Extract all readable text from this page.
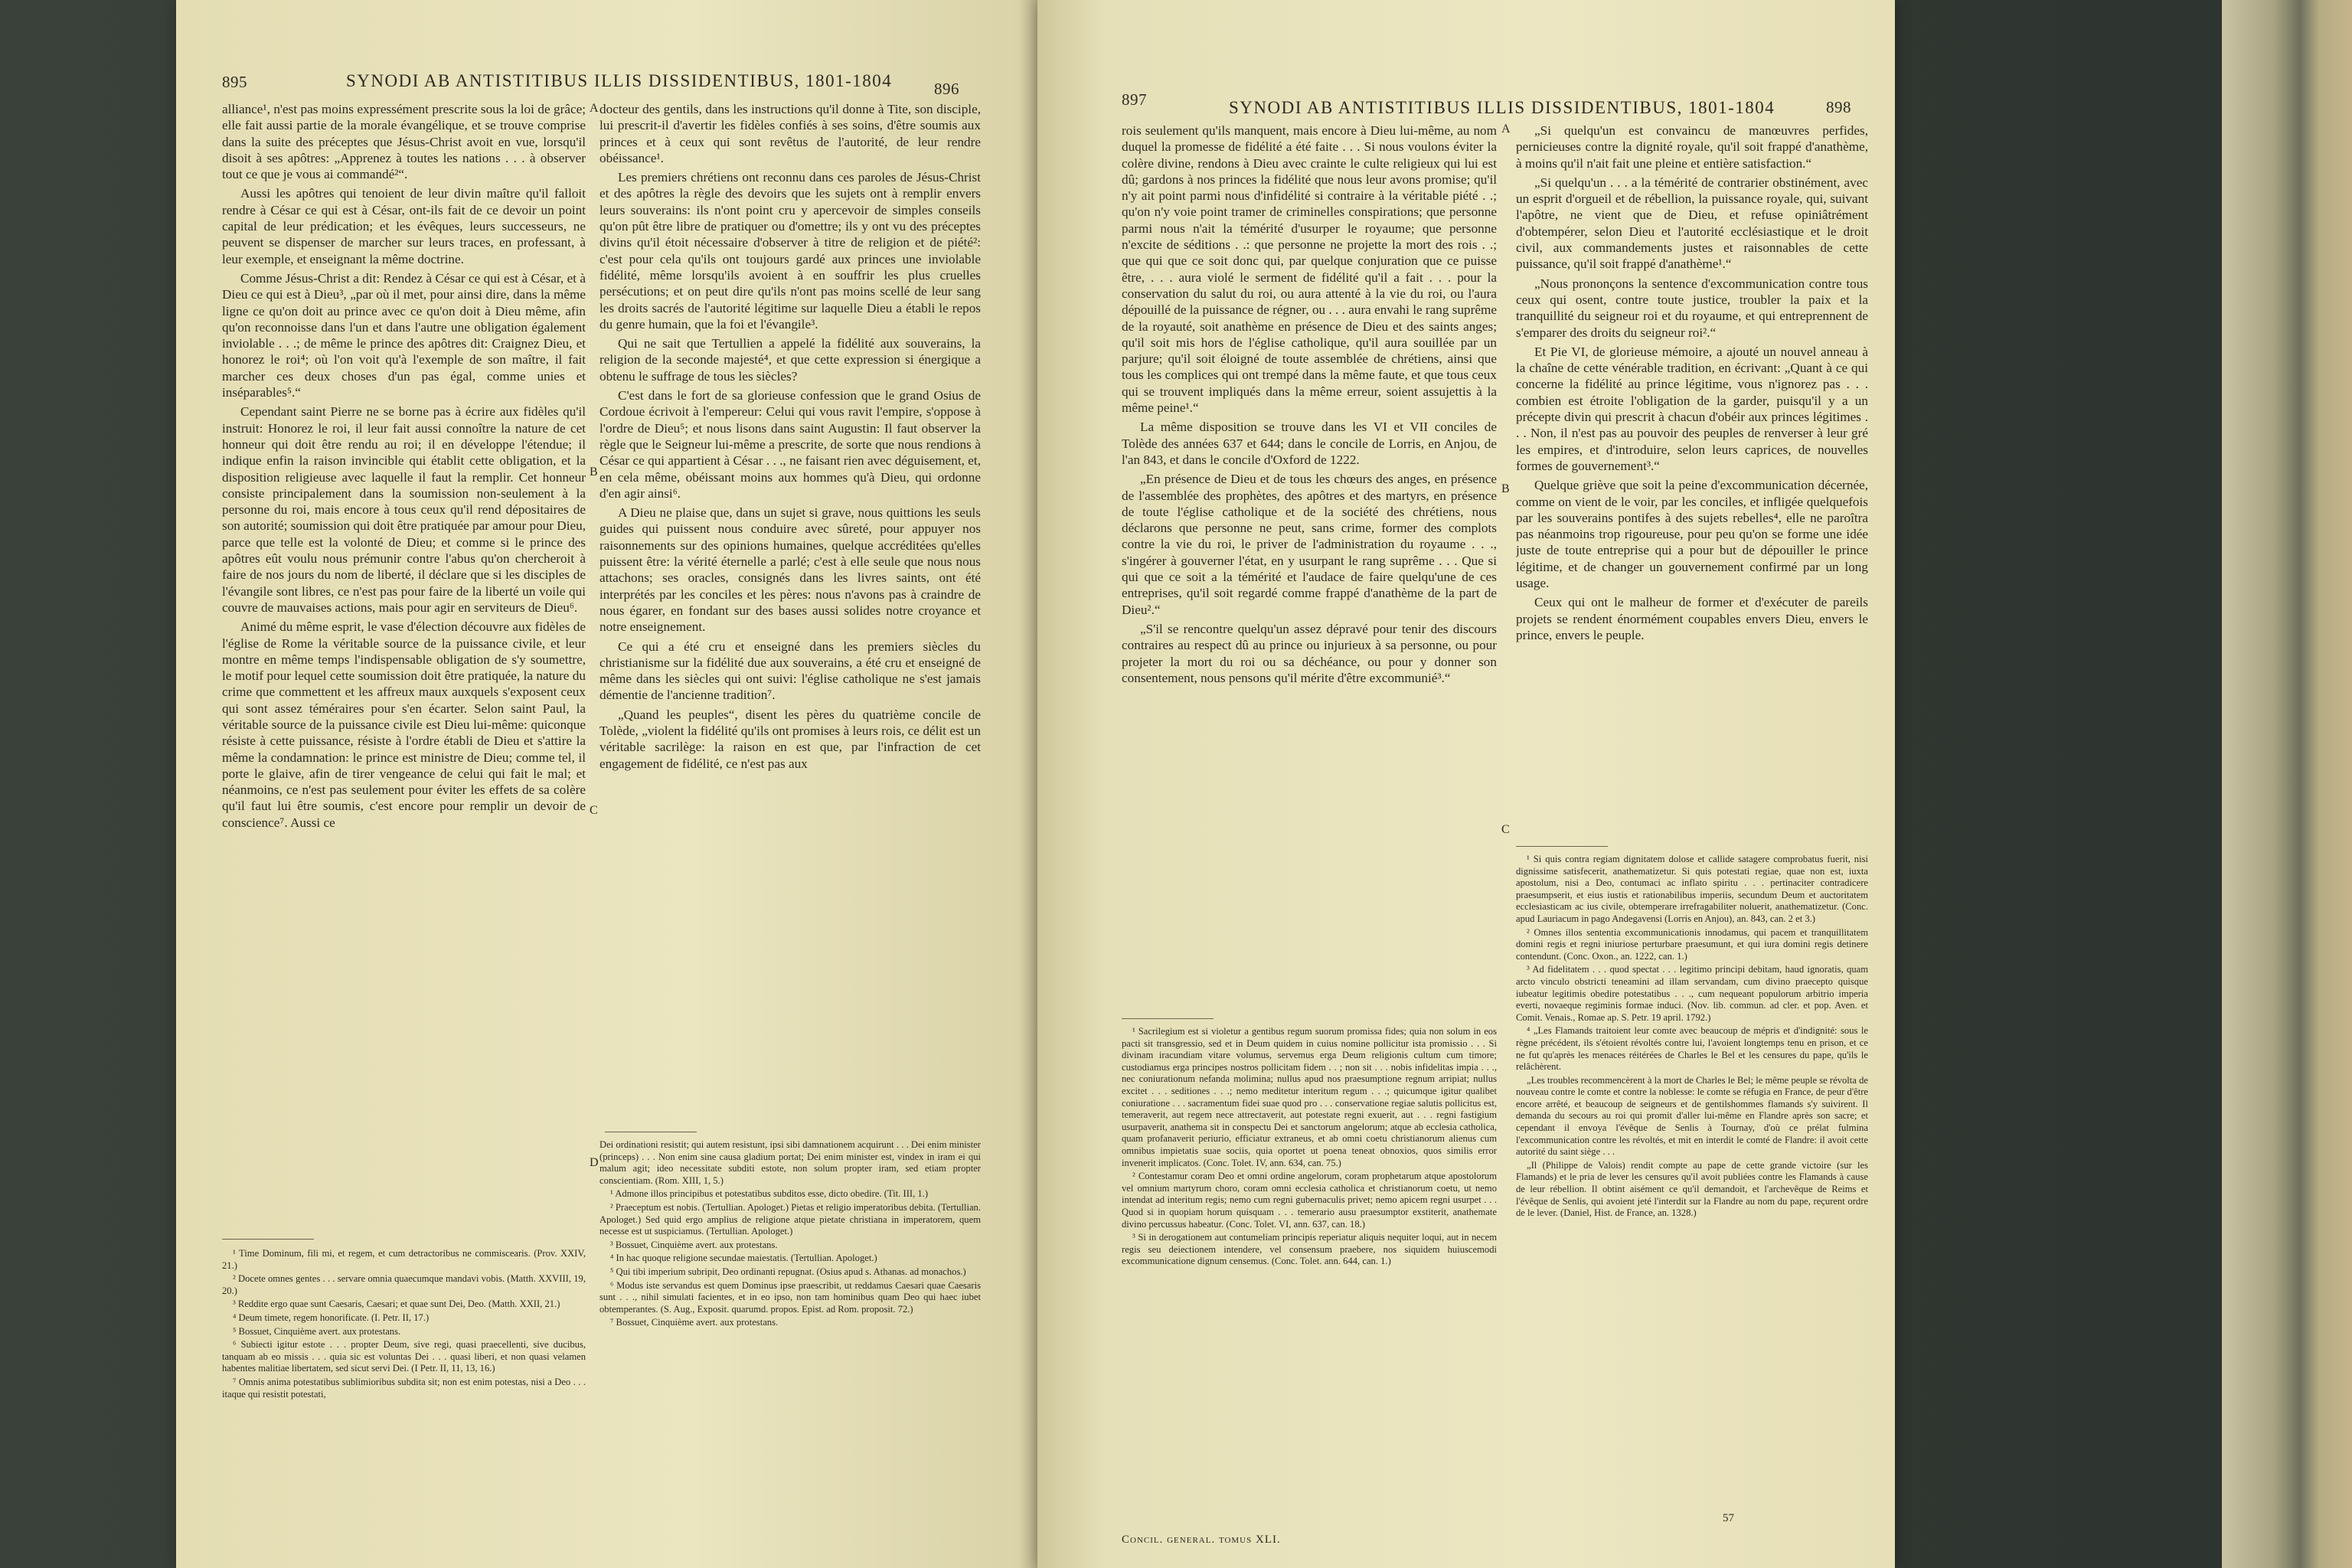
895	SYNODI AB ANTISTITIBUS ILLIS DISSIDENTIBUS, 1801-1804	896

alliance¹, n'est pas moins expressément prescrite sous la loi de grâce; elle fait aussi partie de la morale évangélique, et se trouve comprise dans la suite des préceptes que Jésus-Christ avoit en vue, lorsqu'il disoit à ses apôtres: „Apprenez à toutes les nations . . . à observer tout ce que je vous ai commandé²“.

Aussi les apôtres qui tenoient de leur divin maître qu'il falloit rendre à César ce qui est à César, ont-ils fait de ce devoir un point capital de leur prédication; et les évêques, leurs successeurs, ne peuvent se dispenser de marcher sur leurs traces, en professant, à leur exemple, et enseignant la même doctrine.

Comme Jésus-Christ a dit: Rendez à César ce qui est à César, et à Dieu ce qui est à Dieu³, „par où il met, pour ainsi dire, dans la même ligne ce qu'on doit au prince avec ce qu'on doit à Dieu même, afin qu'on reconnoisse dans l'un et dans l'autre une obligation également inviolable . . .; de même le prince des apôtres dit: Craignez Dieu, et honorez le roi⁴; où l'on voit qu'à l'exemple de son maître, il fait marcher ces deux choses d'un pas égal, comme unies et inséparables⁵.“

Cependant saint Pierre ne se borne pas à écrire aux fidèles qu'il instruit: Honorez le roi, il leur fait aussi connoître la nature de cet honneur qui doit être rendu au roi; il en développe l'étendue; il indique enfin la raison invincible qui établit cette obligation, et la disposition religieuse avec laquelle il faut la remplir. Cet honneur consiste principalement dans la soumission non-seulement à la personne du roi, mais encore à tous ceux qu'il rend dépositaires de son autorité; soumission qui doit être pratiquée par amour pour Dieu, parce que telle est la volonté de Dieu; et comme si le prince des apôtres eût voulu nous prémunir contre l'abus qu'on chercheroit à faire de nos jours du nom de liberté, il déclare que si les disciples de l'évangile sont libres, ce n'est pas pour faire de la liberté un voile qui couvre de mauvaises actions, mais pour agir en serviteurs de Dieu⁶.

Animé du même esprit, le vase d'élection découvre aux fidèles de l'église de Rome la véritable source de la puissance civile, et leur montre en même temps l'indispensable obligation de s'y soumettre, le motif pour lequel cette soumission doit être pratiquée, la nature du crime que commettent et les affreux maux auxquels s'exposent ceux qui sont assez téméraires pour s'en écarter. Selon saint Paul, la véritable source de la puissance civile est Dieu lui-même: quiconque résiste à cette puissance, résiste à l'ordre établi de Dieu et s'attire la même la condamnation: le prince est ministre de Dieu; comme tel, il porte le glaive, afin de tirer vengeance de celui qui fait le mal; et néanmoins, ce n'est pas seulement pour éviter les effets de sa colère qu'il faut lui être soumis, c'est encore pour remplir un devoir de conscience⁷. Aussi ce

docteur des gentils, dans les instructions qu'il donne à Tite, son disciple, lui prescrit-il d'avertir les fidèles confiés à ses soins, d'être soumis aux princes et à ceux qui sont revêtus de l'autorité, de leur rendre obéissance¹.

Les premiers chrétiens ont reconnu dans ces paroles de Jésus-Christ et des apôtres la règle des devoirs que les sujets ont à remplir envers leurs souverains: ils n'ont point cru y apercevoir de simples conseils qu'on pût être libre de pratiquer ou d'omettre; ils y ont vu des préceptes divins qu'il étoit nécessaire d'observer à titre de religion et de piété²: c'est pour cela qu'ils ont toujours gardé aux princes une inviolable fidélité, même lorsqu'ils avoient à en souffrir les plus cruelles persécutions; et on peut dire qu'ils n'ont pas moins scellé de leur sang les droits sacrés de l'autorité légitime sur laquelle Dieu a établi le repos du genre humain, que la foi et l'évangile³.

Qui ne sait que Tertullien a appelé la fidélité aux souverains, la religion de la seconde majesté⁴, et que cette expression si énergique a obtenu le suffrage de tous les siècles?

C'est dans le fort de sa glorieuse confession que le grand Osius de Cordoue écrivoit à l'empereur: Celui qui vous ravit l'empire, s'oppose à l'ordre de Dieu⁵; et nous lisons dans saint Augustin: Il faut observer la règle que le Seigneur lui-même a prescrite, de sorte que nous rendions à César ce qui appartient à César . . ., ne faisant rien avec déguisement, et, en cela même, obéissant moins aux hommes qu'à Dieu, qui ordonne d'en agir ainsi⁶.

A Dieu ne plaise que, dans un sujet si grave, nous quittions les seuls guides qui puissent nous conduire avec sûreté, pour appuyer nos raisonnements sur des opinions humaines, quelque accréditées qu'elles puissent être: la vérité éternelle a parlé; c'est à elle seule que nous nous attachons; ses oracles, consignés dans les livres saints, ont été interprétés par les conciles et les pères: nous n'avons pas à craindre de nous égarer, en fondant sur des bases aussi solides notre croyance et notre enseignement.

Ce qui a été cru et enseigné dans les premiers siècles du christianisme sur la fidélité due aux souverains, a été cru et enseigné de même dans les siècles qui ont suivi: l'église catholique ne s'est jamais démentie de l'ancienne tradition⁷.

„Quand les peuples“, disent les pères du quatrième concile de Tolède, „violent la fidélité qu'ils ont promises à leurs rois, ce délit est un véritable sacrilège: la raison en est que, par l'infraction de cet engagement de fidélité, ce n'est pas aux

A
B
C
D

¹ Time Dominum, fili mi, et regem, et cum detractoribus ne commiscearis. (Prov. XXIV, 21.)

² Docete omnes gentes . . . servare omnia quaecumque mandavi vobis. (Matth. XXVIII, 19, 20.)

³ Reddite ergo quae sunt Caesaris, Caesari; et quae sunt Dei, Deo. (Matth. XXII, 21.)

⁴ Deum timete, regem honorificate. (I. Petr. II, 17.)

⁵ Bossuet, Cinquième avert. aux protestans.

⁶ Subiecti igitur estote . . . propter Deum, sive regi, quasi praecellenti, sive ducibus, tanquam ab eo missis . . . quia sic est voluntas Dei . . . quasi liberi, et non quasi velamen habentes malitiae libertatem, sed sicut servi Dei. (I Petr. II, 11, 13, 16.)

⁷ Omnis anima potestatibus sublimioribus subdita sit; non est enim potestas, nisi a Deo . . . itaque qui resistit potestati,

Dei ordinationi resistit; qui autem resistunt, ipsi sibi damnationem acquirunt . . . Dei enim minister (princeps) . . . Non enim sine causa gladium portat; Dei enim minister est, vindex in iram ei qui malum agit; ideo necessitate subditi estote, non solum propter iram, sed etiam propter conscientiam. (Rom. XIII, 1, 5.)

¹ Admone illos principibus et potestatibus subditos esse, dicto obedire. (Tit. III, 1.)

² Praeceptum est nobis. (Tertullian. Apologet.) Pietas et religio imperatoribus debita. (Tertullian. Apologet.) Sed quid ergo amplius de religione atque pietate christiana in imperatorem, quem necesse est ut suspiciamus. (Tertullian. Apologet.)

³ Bossuet, Cinquième avert. aux protestans.

⁴ In hac quoque religione secundae maiestatis. (Tertullian. Apologet.)

⁵ Qui tibi imperium subripit, Deo ordinanti repugnat. (Osius apud s. Athanas. ad monachos.)

⁶ Modus iste servandus est quem Dominus ipse praescribit, ut reddamus Caesari quae Caesaris sunt . . ., nihil simulati facientes, et in eo ipso, non tam hominibus quam Deo qui haec iubet obtemperantes. (S. Aug., Exposit. quarumd. propos. Epist. ad Rom. proposit. 72.)

⁷ Bossuet, Cinquième avert. aux protestans.

897	SYNODI AB ANTISTITIBUS ILLIS DISSIDENTIBUS, 1801-1804	898

rois seulement qu'ils manquent, mais encore à Dieu lui-même, au nom duquel la promesse de fidélité a été faite . . . Si nous voulons éviter la colère divine, rendons à Dieu avec crainte le culte religieux qui lui est dû; gardons à nos princes la fidélité que nous leur avons promise; qu'il n'y ait point parmi nous d'infidélité si contraire à la véritable piété . .; qu'on n'y voie point tramer de criminelles conspirations; que personne parmi nous n'ait la témérité d'usurper le royaume; que personne n'excite de séditions . .: que personne ne projette la mort des rois . .; que qui que ce soit donc qui, par quelque conjuration que ce puisse être, . . . aura violé le serment de fidélité qu'il a fait . . . pour la conservation du salut du roi, ou aura attenté à la vie du roi, ou l'aura dépouillé de la puissance de régner, ou . . . aura envahi le rang suprême de la royauté, soit anathème en présence de Dieu et des saints anges; qu'il soit mis hors de l'église catholique, qu'il aura souillée par un parjure; qu'il soit éloigné de toute assemblée de chrétiens, ainsi que tous les complices qui ont trempé dans la même faute, et que tous ceux qui se trouvent impliqués dans la même erreur, soient assujettis à la même peine¹.“

La même disposition se trouve dans les VI et VII conciles de Tolède des années 637 et 644; dans le concile de Lorris, en Anjou, de l'an 843, et dans le concile d'Oxford de 1222.

„En présence de Dieu et de tous les chœurs des anges, en présence de l'assemblée des prophètes, des apôtres et des martyrs, en présence de toute l'église catholique et de la société des chrétiens, nous déclarons que personne ne peut, sans crime, former des complots contre la vie du roi, le priver de l'administration du royaume . . ., s'ingérer à gouverner l'état, en y usurpant le rang suprême . . . Que si qui que ce soit a la témérité et l'audace de faire quelqu'une de ces entreprises, qu'il soit regardé comme frappé d'anathème de la part de Dieu².“

„S'il se rencontre quelqu'un assez dépravé pour tenir des discours contraires au respect dû au prince ou injurieux à sa personne, ou pour projeter la mort du roi ou sa déchéance, ou pour y donner son consentement, nous pensons qu'il mérite d'être excommunié³.“

„Si quelqu'un est convaincu de manœuvres perfides, pernicieuses contre la dignité royale, qu'il soit frappé d'anathème, à moins qu'il n'ait fait une pleine et entière satisfaction.“

„Si quelqu'un . . . a la témérité de contrarier obstinément, avec un esprit d'orgueil et de rébellion, la puissance royale, qui, suivant l'apôtre, ne vient que de Dieu, et refuse opiniâtrément d'obtempérer, selon Dieu et l'autorité ecclésiastique et le droit civil, aux commandements justes et raisonnables de cette puissance, qu'il soit frappé d'anathème¹.“

„Nous prononçons la sentence d'excommunication contre tous ceux qui osent, contre toute justice, troubler la paix et la tranquillité du seigneur roi et du royaume, et qui entreprennent de s'emparer des droits du seigneur roi².“

Et Pie VI, de glorieuse mémoire, a ajouté un nouvel anneau à la chaîne de cette vénérable tradition, en écrivant: „Quant à ce qui concerne la fidélité au prince légitime, vous n'ignorez pas . . . combien est étroite l'obligation de la garder, puisqu'il y a un précepte divin qui prescrit à chacun d'obéir aux princes légitimes . . . Non, il n'est pas au pouvoir des peuples de renverser à leur gré les empires, et d'introduire, selon leurs caprices, de nouvelles formes de gouvernement³.“

Quelque grièvе que soit la peine d'excommunication décernée, comme on vient de le voir, par les conciles, et infligée quelquefois par les souverains pontifes à des sujets rebelles⁴, elle ne paroîtra pas néanmoins trop rigoureuse, pour peu qu'on se forme une idée juste de toute entreprise qui a pour but de dépouiller le prince légitime, et de changer un gouvernement confirmé par un long usage.

Ceux qui ont le malheur de former et d'exécuter de pareils projets se rendent énormément coupables envers Dieu, envers le prince, envers le peuple.

A
B
C

¹ Sacrilegium est si violetur a gentibus regum suorum promissa fides; quia non solum in eos pacti sit transgressio, sed et in Deum quidem in cuius nomine pollicitur ista promissio . . . Si divinam iracundiam vitare volumus, servemus erga Deum religionis cultum cum timore; custodiamus erga principes nostros pollicitam fidem . . ; non sit . . . nobis infidelitas impia . . ., nec coniurationum nefanda molimina; nullus apud nos praesumptione regnum arripiat; nullus excitet . . . seditiones . . .; nemo meditetur interitum regum . . .; quicumque igitur qualibet coniuratione . . . sacramentum fidei suae quod pro . . . conservatione regiae salutis pollicitus est, temeraverit, aut regem nece attrectaverit, aut potestate regni exuerit, aut . . . regni fastigium usurpaverit, anathema sit in conspectu Dei et sanctorum angelorum; atque ab ecclesia catholica, quam profanaverit periurio, efficiatur extraneus, et ab omni coetu christianorum alienus cum omnibus impietatis suae sociis, quia oportet ut poena teneat obnoxios, quos similis error invenerit implicatos. (Conc. Tolet. IV, ann. 634, can. 75.)

² Contestamur coram Deo et omni ordine angelorum, coram prophetarum atque apostolorum vel omnium martyrum choro, coram omni ecclesia catholica et christianorum coetu, ut nemo intendat ad interitum regis; nemo cum regni gubernaculis privet; nemo apicem regni usurpet . . . Quod si in quopiam horum quisquam . . . temerario ausu praesumptor exstiterit, anathemate divino percussus habeatur. (Conc. Tolet. VI, ann. 637, can. 18.)

³ Si in derogationem aut contumeliam principis reperiatur aliquis nequiter loqui, aut in necem regis seu deiectionem intendere, vel consensum praebere, nos siquidem huiuscemodi excommunicatione dignum censemus. (Conc. Tolet. ann. 644, can. 1.)

¹ Si quis contra regiam dignitatem dolose et callide satagere comprobatus fuerit, nisi dignissime satisfecerit, anathematizetur. Si quis potestati regiae, quae non est, iuxta apostolum, nisi a Deo, contumaci ac inflato spiritu . . . pertinaciter contradicere praesumpserit, et eius iustis et rationabilibus imperiis, secundum Deum et auctoritatem ecclesiasticam ac ius civile, obtemperare irrefragabiliter noluerit, anathematizetur. (Conc. apud Lauriacum in pago Andegavensi (Lorris en Anjou), an. 843, can. 2 et 3.)

² Omnes illos sententia excommunicationis innodamus, qui pacem et tranquillitatem domini regis et regni iniuriose perturbare praesumunt, et qui iura domini regis detinere contendunt. (Conc. Oxon., an. 1222, can. 1.)

³ Ad fidelitatem . . . quod spectat . . . legitimo principi debitam, haud ignoratis, quam arcto vinculo obstricti teneamini ad illam servandam, cum divino praecepto quisque iubeatur legitimis obedire potestatibus . . ., cum nequeant populorum arbitrio imperia everti, novaeque regiminis formae induci. (Nov. lib. commun. ad cler. et pop. Aven. et Comit. Venais., Romae ap. S. Petr. 19 april. 1792.)

⁴ „Les Flamands traitoient leur comte avec beaucoup de mépris et d'indignité: sous le règne précédent, ils s'étoient révoltés contre lui, l'avoient longtemps tenu en prison, et ce ne fut qu'après les menaces réitérées de Charles le Bel et les censures du pape, qu'ils le relâchèrent.

„Les troubles recommencèrent à la mort de Charles le Bel; le même peuple se révolta de nouveau contre le comte et contre la noblesse: le comte se réfugia en France, de peur d'être encore arrêté, et beaucoup de seigneurs et de gentilshommes flamands s'y suivirent. Il demanda du secours au roi qui promit d'aller lui-même en Flandre après son sacre; et cependant il envoya l'évêque de Senlis à Tournay, d'où ce prélat fulmina l'excommunication contre les révoltés, et mit en interdit le comté de Flandre: il avoit cette autorité du saint siège . . .

„Il (Philippe de Valois) rendit compte au pape de cette grande victoire (sur les Flamands) et le pria de lever les censures qu'il avoit publiées contre les Flamands à cause de leur rébellion. Il obtint aisément ce qu'il demandoit, et l'archevêque de Reims et l'évêque de Senlis, qui avoient jeté l'interdit sur la Flandre au nom du pape, reçurent ordre de le lever. (Daniel, Hist. de France, an. 1328.)

Concil. general. tomus XLI.
57
